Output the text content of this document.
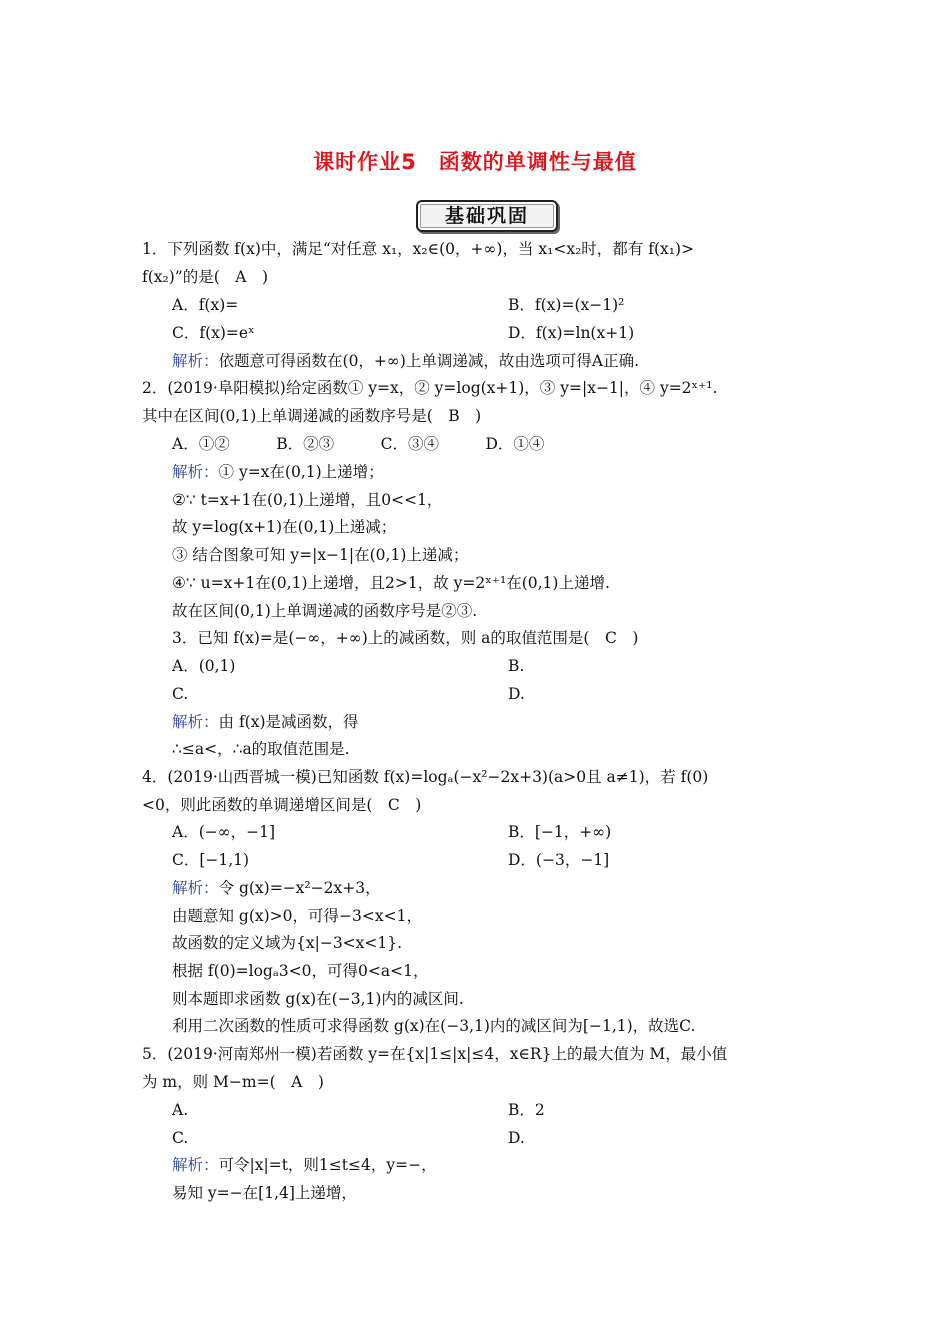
课时作业5　函数的单调性与最值
基础巩固
1．下列函数 f(x)中，满足“对任意 x₁，x₂∈(0，+∞)，当 x₁<x₂时，都有 f(x₁)>
f(x₂)”的是(　A　)
A．f(x)=	B．f(x)=(x−1)²
C．f(x)=eˣ	D．f(x)=ln(x+1)
解析：依题意可得函数在(0，+∞)上单调递减，故由选项可得A正确.
2．(2019·阜阳模拟)给定函数① y=x，② y=log(x+1)，③ y=|x−1|，④ y=2ˣ⁺¹.
其中在区间(0,1)上单调递减的函数序号是(　B　)
A．①②　　　B．②③　　　C．③④　　　D．①④
解析：① y=x在(0,1)上递增；
②∵ t=x+1在(0,1)上递增，且0<<1，
故 y=log(x+1)在(0,1)上递减；
③ 结合图象可知 y=|x−1|在(0,1)上递减；
④∵ u=x+1在(0,1)上递增，且2>1，故 y=2ˣ⁺¹在(0,1)上递增.
故在区间(0,1)上单调递减的函数序号是②③.
3．已知 f(x)=是(−∞，+∞)上的减函数，则 a的取值范围是(　C　)
A．(0,1)	B.
C.	D.
解析：由 f(x)是减函数，得
∴≤a<，∴a的取值范围是.
4．(2019·山西晋城一模)已知函数 f(x)=logₐ(−x²−2x+3)(a>0且 a≠1)，若 f(0)
<0，则此函数的单调递增区间是(　C　)
A．(−∞，−1]	B．[−1，+∞)
C．[−1,1)	D．(−3，−1]
解析：令 g(x)=−x²−2x+3，
由题意知 g(x)>0，可得−3<x<1，
故函数的定义域为{x|−3<x<1}.
根据 f(0)=logₐ3<0，可得0<a<1，
则本题即求函数 g(x)在(−3,1)内的减区间.
利用二次函数的性质可求得函数 g(x)在(−3,1)内的减区间为[−1,1)，故选C.
5．(2019·河南郑州一模)若函数 y=在{x|1≤|x|≤4，x∈R}上的最大值为 M，最小值
为 m，则 M−m=(　A　)
A.	B．2
C.	D.
解析：可令|x|=t，则1≤t≤4，y=−，
易知 y=−在[1,4]上递增，
